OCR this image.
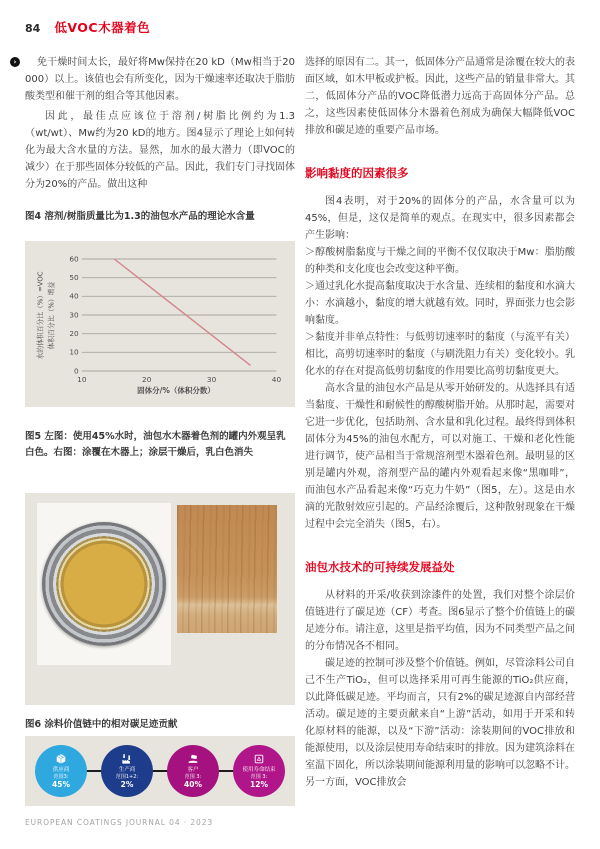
84 低VOC木器着色

›	免干燥时间太长，最好将Mw保持在20 kD（Mw相当于20 000）以上。该值也会有所变化，因为干燥速率还取决于脂肪酸类型和催干剂的组合等其他因素。

因此，最佳点应该位于溶剂/树脂比例约为1.3（wt/wt）、Mw约为20 kD的地方。图4显示了理论上如何转化为最大含水量的方法。显然，加水的最大潜力（即VOC的减少）在于那些固体分较低的产品。因此，我们专门寻找固体分为20%的产品。做出这种

图4 溶剂/树脂质量比为1.3的油包水产品的理论水含量
水的体积百分比（%）=VOC 体积百分比（%）增益
0
10
20
30
40
50
60
10	20	30	40
固体分/%（体积分数）
图5 左图：使用45%水时，油包水木器着色剂的罐内外观呈乳白色。右图：涂覆在木器上；涂层干燥后，乳白色消失
图6 涂料价值链中的相对碳足迹贡献
供应商
范围3:
45%
生产商
范围1+2:
2%
客户
范围 3:
40%
使用寿命结束
范围 3:
12%

选择的原因有二。其一，低固体分产品通常是涂覆在较大的表面区域，如木甲板或护板。因此，这些产品的销量非常大。其二，低固体分产品的VOC降低潜力远高于高固体分产品。总之，这些因素使低固体分木器着色剂成为确保大幅降低VOC排放和碳足迹的重要产品市场。

影响黏度的因素很多

图4表明，对于20%的固体分的产品，水含量可以为45%，但是，这仅是简单的观点。在现实中，很多因素都会产生影响：

＞醇酸树脂黏度与干燥之间的平衡不仅仅取决于Mw：脂肪酸的种类和支化度也会改变这种平衡。

＞通过乳化水提高黏度取决于水含量、连续相的黏度和水滴大小：水滴越小，黏度的增大就越有效。同时，界面张力也会影响黏度。

＞黏度并非单点特性：与低剪切速率时的黏度（与流平有关）相比，高剪切速率时的黏度（与刷洗阻力有关）变化较小。乳化水的存在对提高低剪切黏度的作用要比高剪切黏度更大。

高水含量的油包水产品是从零开始研发的。从选择具有适当黏度、干燥性和耐候性的醇酸树脂开始。从那时起，需要对它进一步优化，包括助剂、含水量和乳化过程。最终得到体积固体分为45%的油包水配方，可以对施工、干燥和老化性能进行调节，使产品相当于常规溶剂型木器着色剂。最明显的区别是罐内外观，溶剂型产品的罐内外观看起来像“黑咖啡”，而油包水产品看起来像“巧克力牛奶”（图5，左）。这是由水滴的光散射效应引起的。产品经涂覆后，这种散射现象在干燥过程中会完全消失（图5，右）。

油包水技术的可持续发展益处

从材料的开采/收获到涂漆件的处置，我们对整个涂层价值链进行了碳足迹（CF）考查。图6显示了整个价值链上的碳足迹分布。请注意，这里是指平均值，因为不同类型产品之间的分布情况各不相同。

碳足迹的控制可涉及整个价值链。例如，尽管涂料公司自己不生产TiO₂，但可以选择采用可再生能源的TiO₂供应商，以此降低碳足迹。平均而言，只有2%的碳足迹源自内部经营活动。碳足迹的主要贡献来自“上游”活动，如用于开采和转化原材料的能源，以及“下游”活动：涂装期间的VOC排放和能源使用，以及涂层使用寿命结束时的排放。因为建筑涂料在室温下固化，所以涂装期间能源利用量的影响可以忽略不计。另一方面，VOC排放会

EUROPEAN COATINGS JOURNAL 04 · 2023
